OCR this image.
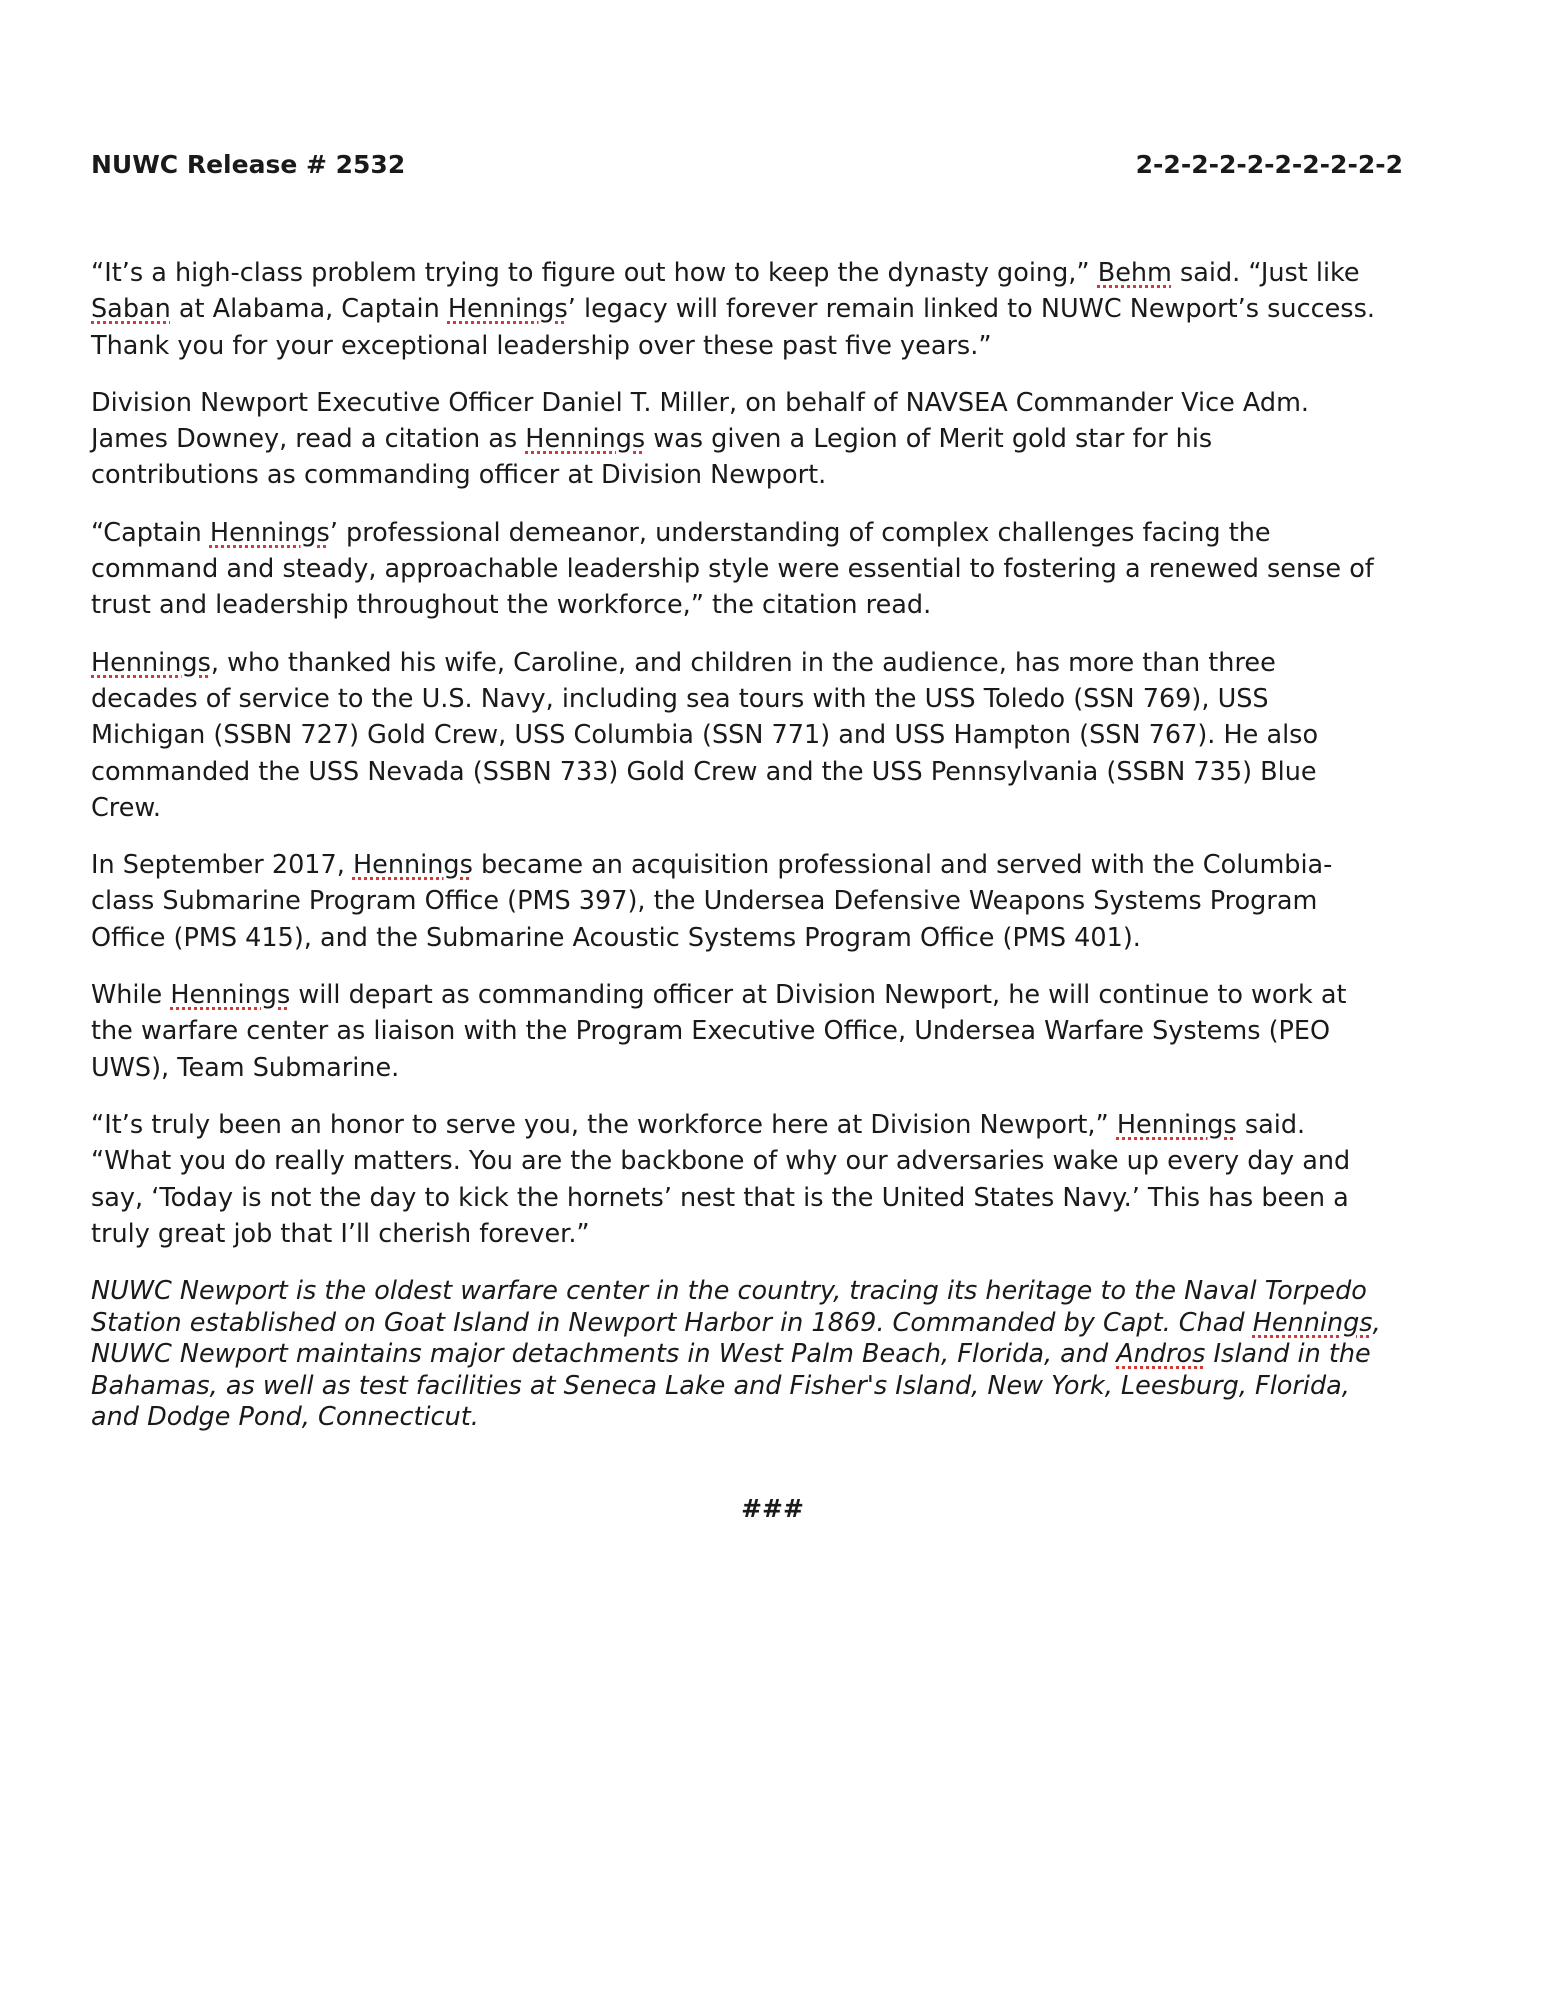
NUWC Release # 2532	2-2-2-2-2-2-2-2-2-2

“It’s a high-class problem trying to figure out how to keep the dynasty going,” Behm said. “Just like
Saban at Alabama, Captain Hennings’ legacy will forever remain linked to NUWC Newport’s success.
Thank you for your exceptional leadership over these past five years.”

Division Newport Executive Officer Daniel T. Miller, on behalf of NAVSEA Commander Vice Adm.
James Downey, read a citation as Hennings was given a Legion of Merit gold star for his
contributions as commanding officer at Division Newport.

“Captain Hennings’ professional demeanor, understanding of complex challenges facing the
command and steady, approachable leadership style were essential to fostering a renewed sense of
trust and leadership throughout the workforce,” the citation read.

Hennings, who thanked his wife, Caroline, and children in the audience, has more than three
decades of service to the U.S. Navy, including sea tours with the USS Toledo (SSN 769), USS
Michigan (SSBN 727) Gold Crew, USS Columbia (SSN 771) and USS Hampton (SSN 767). He also
commanded the USS Nevada (SSBN 733) Gold Crew and the USS Pennsylvania (SSBN 735) Blue
Crew.

In September 2017, Hennings became an acquisition professional and served with the Columbia-
class Submarine Program Office (PMS 397), the Undersea Defensive Weapons Systems Program
Office (PMS 415), and the Submarine Acoustic Systems Program Office (PMS 401).

While Hennings will depart as commanding officer at Division Newport, he will continue to work at
the warfare center as liaison with the Program Executive Office, Undersea Warfare Systems (PEO
UWS), Team Submarine.

“It’s truly been an honor to serve you, the workforce here at Division Newport,” Hennings said.
“What you do really matters. You are the backbone of why our adversaries wake up every day and
say, ‘Today is not the day to kick the hornets’ nest that is the United States Navy.’ This has been a
truly great job that I’ll cherish forever.”

NUWC Newport is the oldest warfare center in the country, tracing its heritage to the Naval Torpedo
Station established on Goat Island in Newport Harbor in 1869. Commanded by Capt. Chad Hennings,
NUWC Newport maintains major detachments in West Palm Beach, Florida, and Andros Island in the
Bahamas, as well as test facilities at Seneca Lake and Fisher's Island, New York, Leesburg, Florida,
and Dodge Pond, Connecticut.
###
